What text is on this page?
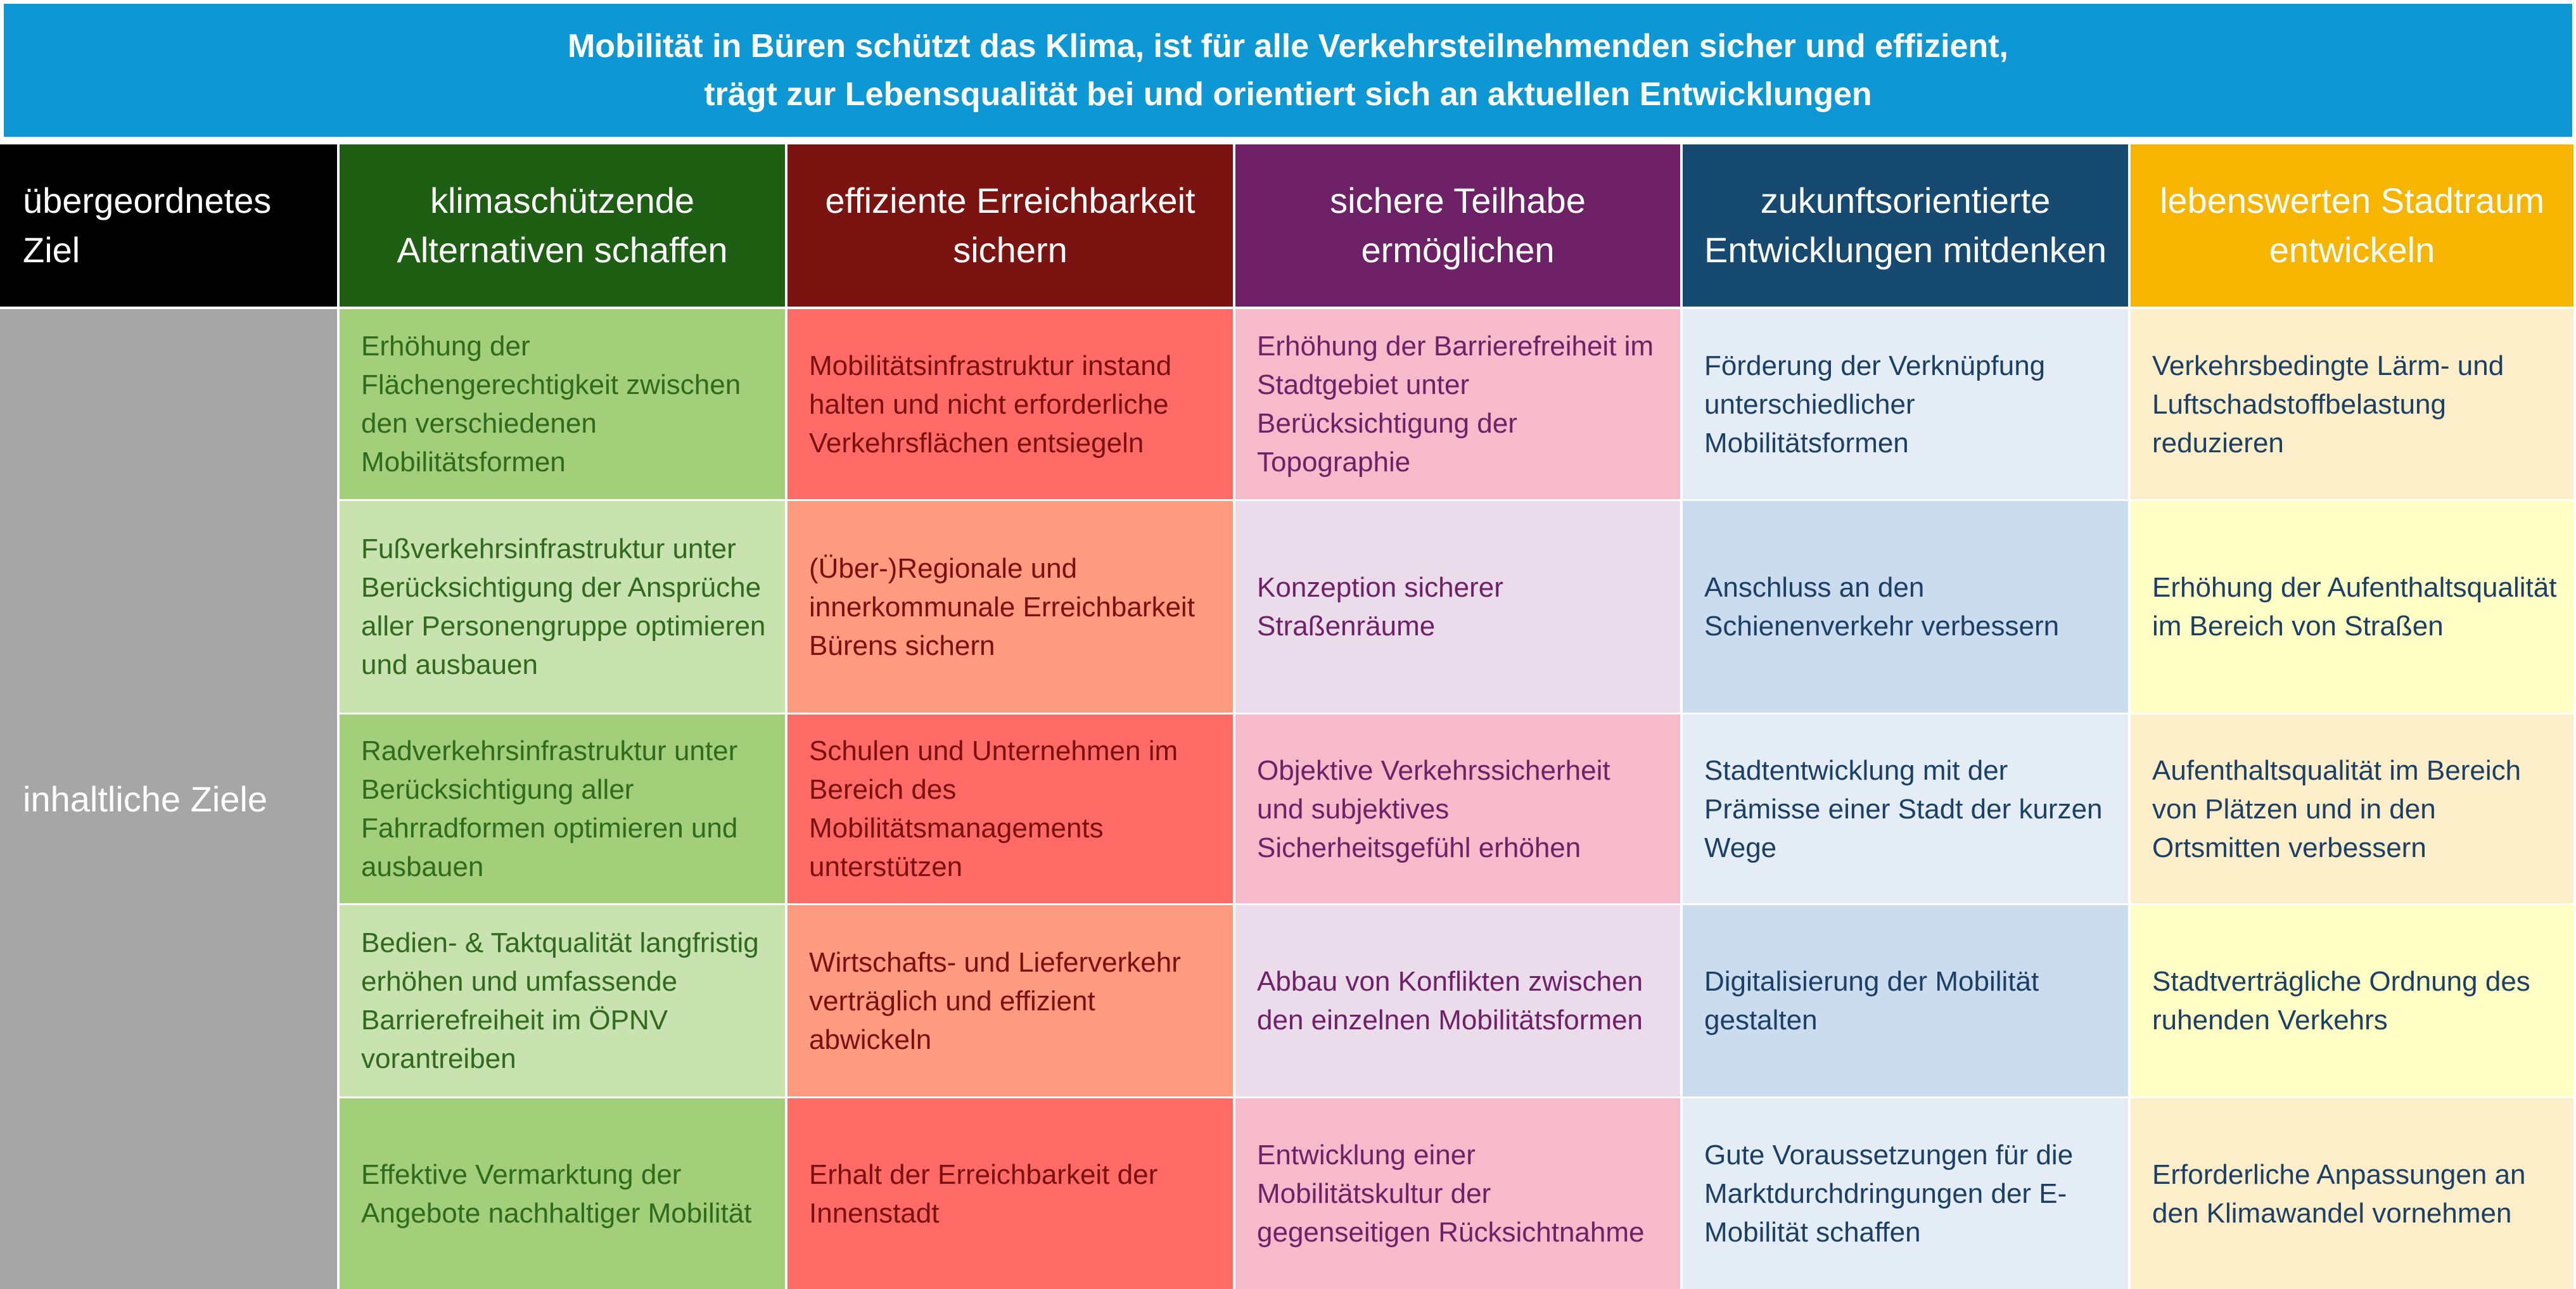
Mobilität in Büren schützt das Klima, ist für alle Verkehrsteilnehmenden sicher und effizient,
trägt zur Lebensqualität bei und orientiert sich an aktuellen Entwicklungen
übergeordnetes Ziel
klimaschützende Alternativen schaffen
effiziente Erreichbarkeit sichern
sichere Teilhabe ermöglichen
zukunftsorientierte Entwicklungen mitdenken
lebenswerten Stadtraum entwickeln
inhaltliche Ziele
Erhöhung der Flächengerechtigkeit zwischen den verschiedenen Mobilitätsformen
Mobilitätsinfrastruktur instand halten und nicht erforderliche Verkehrsflächen entsiegeln
Erhöhung der Barrierefreiheit im Stadtgebiet unter Berücksichtigung der Topographie
Förderung der Verknüpfung unterschiedlicher Mobilitätsformen
Verkehrsbedingte Lärm- und Luftschadstoffbelastung reduzieren
Fußverkehrsinfrastruktur unter Berücksichtigung der Ansprüche aller Personengruppe optimieren und ausbauen
(Über-)Regionale und innerkommunale Erreichbarkeit Bürens sichern
Konzeption sicherer Straßenräume
Anschluss an den Schienenverkehr verbessern
Erhöhung der Aufenthaltsqualität im Bereich von Straßen
Radverkehrsinfrastruktur unter Berücksichtigung aller Fahrradformen optimieren und ausbauen
Schulen und Unternehmen im Bereich des Mobilitätsmanagements unterstützen
Objektive Verkehrssicherheit und subjektives Sicherheitsgefühl erhöhen
Stadtentwicklung mit der Prämisse einer Stadt der kurzen Wege
Aufenthaltsqualität im Bereich von Plätzen und in den Ortsmitten verbessern
Bedien- & Taktqualität langfristig erhöhen und umfassende Barrierefreiheit im ÖPNV vorantreiben
Wirtschafts- und Lieferverkehr verträglich und effizient abwickeln
Abbau von Konflikten zwischen den einzelnen Mobilitätsformen
Digitalisierung der Mobilität gestalten
Stadtverträgliche Ordnung des ruhenden Verkehrs
Effektive Vermarktung der Angebote nachhaltiger Mobilität
Erhalt der Erreichbarkeit der Innenstadt
Entwicklung einer Mobilitätskultur der gegenseitigen Rücksichtnahme
Gute Voraussetzungen für die Marktdurchdringungen der E-Mobilität schaffen
Erforderliche Anpassungen an den Klimawandel vornehmen
